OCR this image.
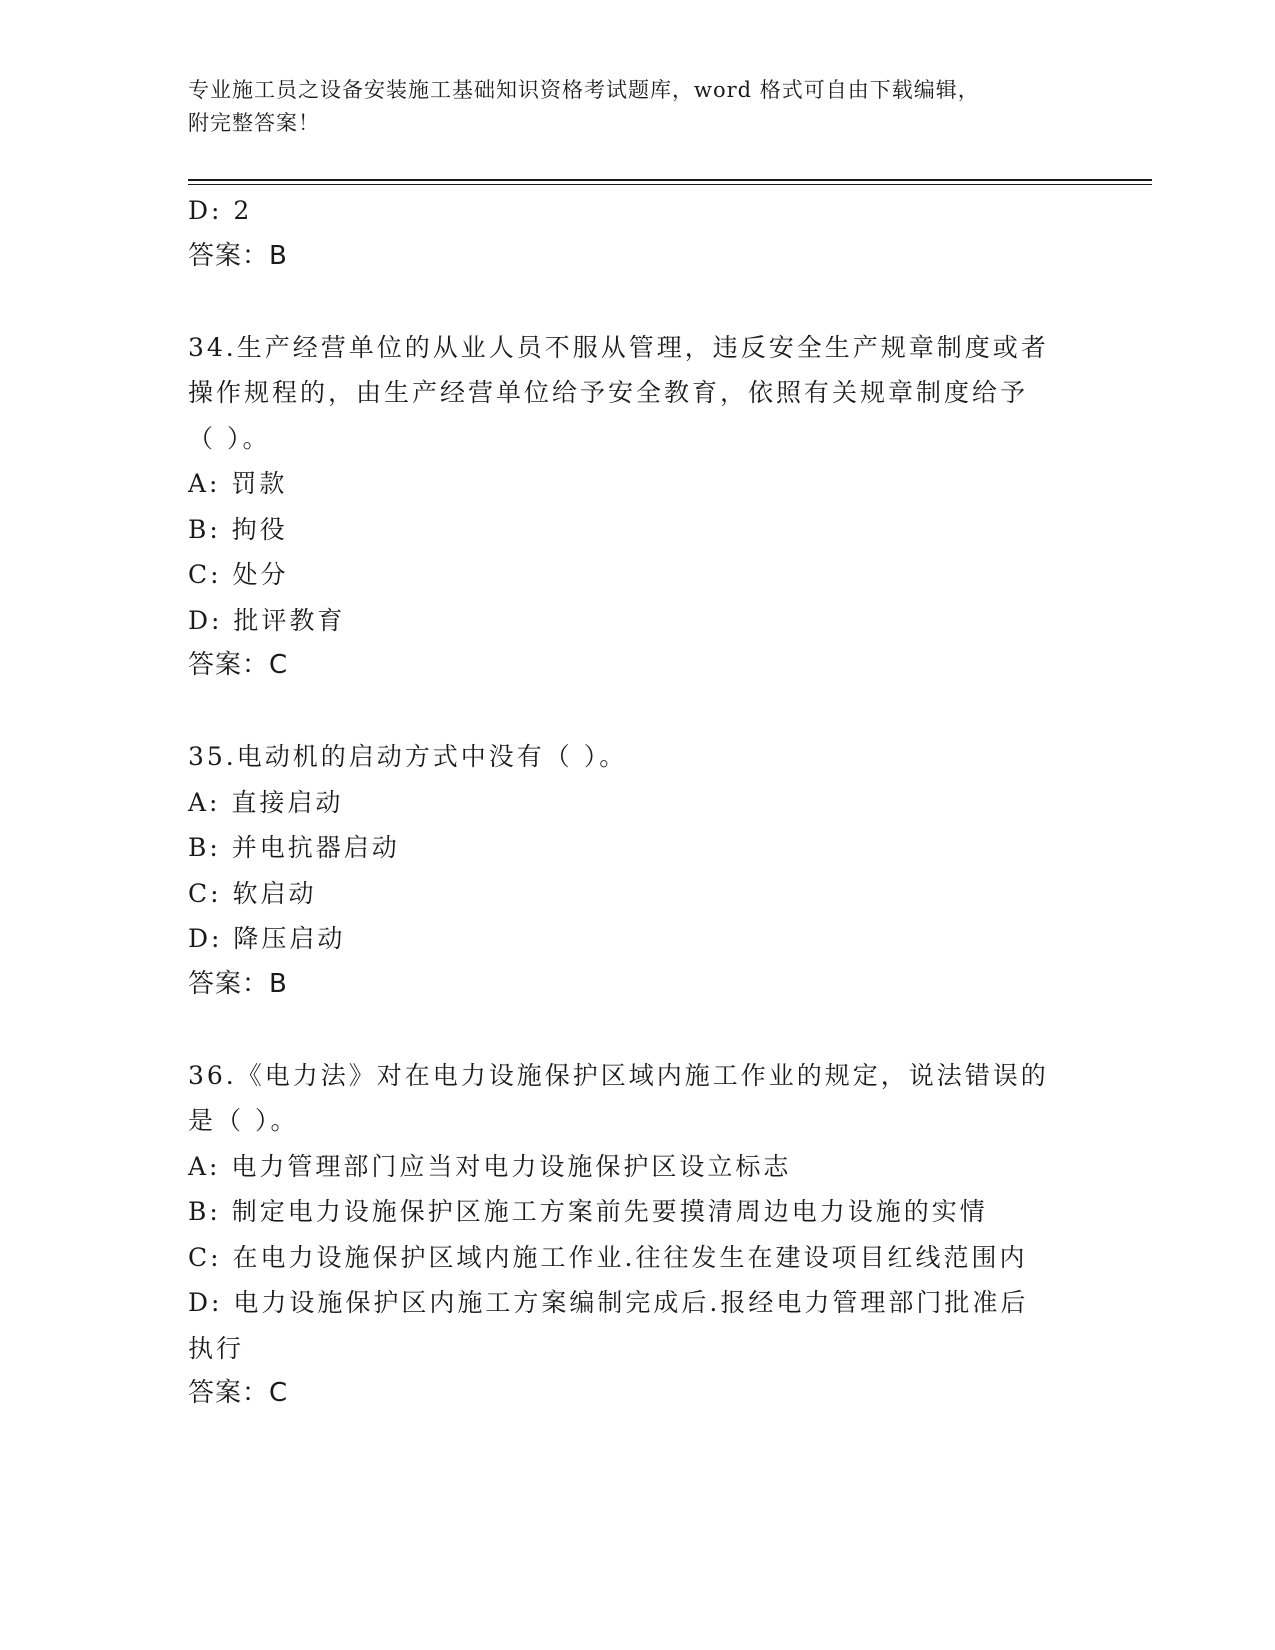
专业施工员之设备安装施工基础知识资格考试题库，word 格式可自由下载编辑，
附完整答案！
D: 2
答案：B
34.生产经营单位的从业人员不服从管理，违反安全生产规章制度或者
操作规程的，由生产经营单位给予安全教育，依照有关规章制度给予
（ ）。
A: 罚款
B: 拘役
C: 处分
D: 批评教育
答案：C
35.电动机的启动方式中没有（ ）。
A: 直接启动
B: 并电抗器启动
C: 软启动
D: 降压启动
答案：B
36.《电力法》对在电力设施保护区域内施工作业的规定，说法错误的
是（ ）。
A: 电力管理部门应当对电力设施保护区设立标志
B: 制定电力设施保护区施工方案前先要摸清周边电力设施的实情
C: 在电力设施保护区域内施工作业.往往发生在建设项目红线范围内
D: 电力设施保护区内施工方案编制完成后.报经电力管理部门批准后
执行
答案：C
